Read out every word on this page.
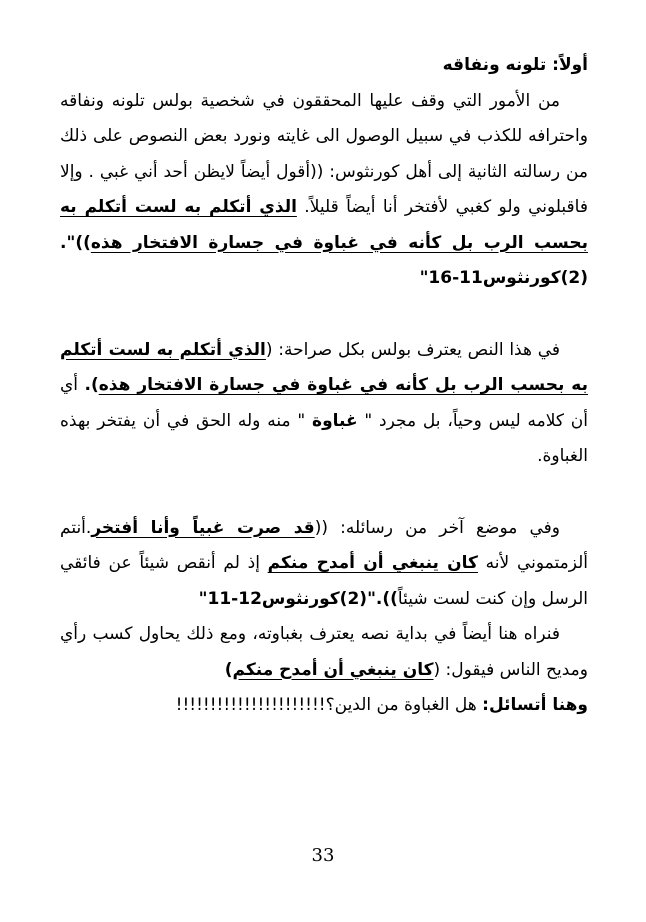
أولاً: تلونه ونفاقه

من الأمور التي وقف عليها المحققون في شخصية بولس تلونه ونفاقه واحترافه للكذب في سبيل الوصول الى غايته ونورد بعض النصوص على ذلك من رسالته الثانية إلى أهل كورنثوس: ((أقول أيضاً لايظن أحد أني غبي . وإلا فاقبلوني ولو كغبي لأفتخر أنا أيضاً قليلاً. الذي أتكلم به لست أتكلم به بحسب الرب بل كأنه في غباوة في جسارة الافتخار هذه))".(2)كورنثوس11-16"

في هذا النص يعترف بولس بكل صراحة: (الذي أتكلم به لست أتكلم به بحسب الرب بل كأنه في غباوة في جسارة الافتخار هذه). أي أن كلامه ليس وحياً، بل مجرد " غباوة " منه وله الحق في أن يفتخر بهذه الغباوة.

وفي موضع آخر من رسائله: ((قد صرت غبياً وأنا أفتخر.أنتم ألزمتموني لأنه كان ينبغي أن أمدح منكم إذ لم أنقص شيئاً عن فائقي الرسل وإن كنت لست شيئاً))."(2)كورنثوس12-11"

فنراه هنا أيضاً في بداية نصه يعترف بغباوته، ومع ذلك يحاول كسب رأي ومديح الناس فيقول: (كان ينبغي أن أمدح منكم)

وهنا أتسائل: هل الغباوة من الدين؟!!!!!!!!!!!!!!!!!!!!!!

33
